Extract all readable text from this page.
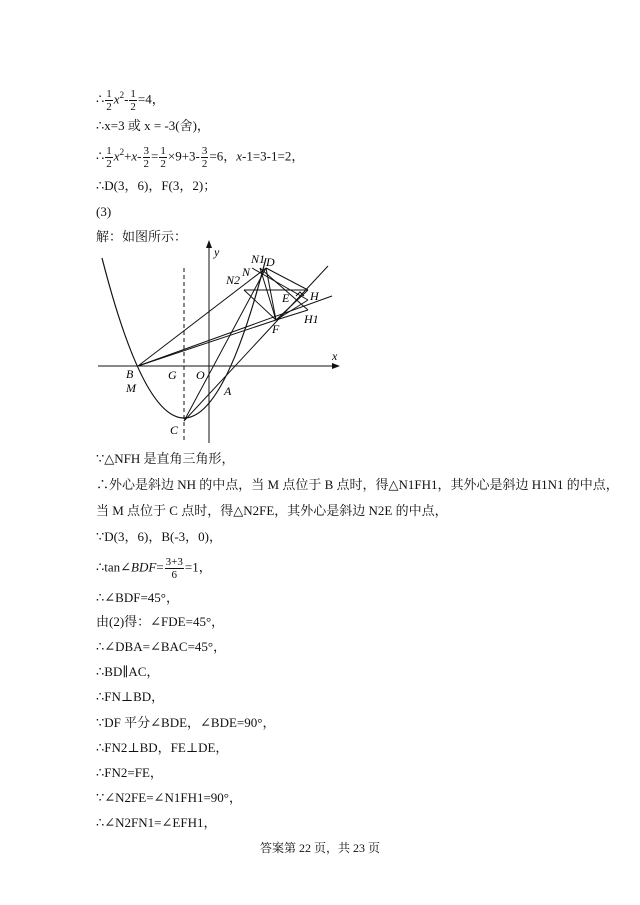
∴ $\frac{1}{2} x^2- \frac{1}{2} =4$，
∴x=3 或 x = -3(舍)，
∴ $\frac{1}{2} x^2+x- \frac{3}{2} = \frac{1}{2} \times 9+3- \frac{3}{2} =6$，x-1=3-1=2，
∴D(3，6)，F(3，2)；
(3)
解：如图所示：
x
y
B
M
G O
A
C
D
N
N1
N2
E H
H1
F
∵△NFH 是直角三角形，
∴外心是斜边 NH 的中点，当 M 点位于 B 点时，得△N1FH1，其外心是斜边 H1N1 的中点，
当 M 点位于 C 点时，得△N2FE，其外心是斜边 N2E 的中点，
∵D(3，6)，B(-3，0)，
∴tan∠BDF= $\frac{3+3}{6} =1$，
∴∠BDF=45°，
由(2)得：∠FDE=45°，
∴∠DBA=∠BAC=45°，
∴BD∥AC，
∴FN⊥BD，
∵DF 平分∠BDE，∠BDE=90°，
∴FN2⊥BD，FE⊥DE，
∴FN2=FE，
∵∠N2FE=∠N1FH1=90°，
∴∠N2FN1=∠EFH1，
答案第 22 页，共 23 页
